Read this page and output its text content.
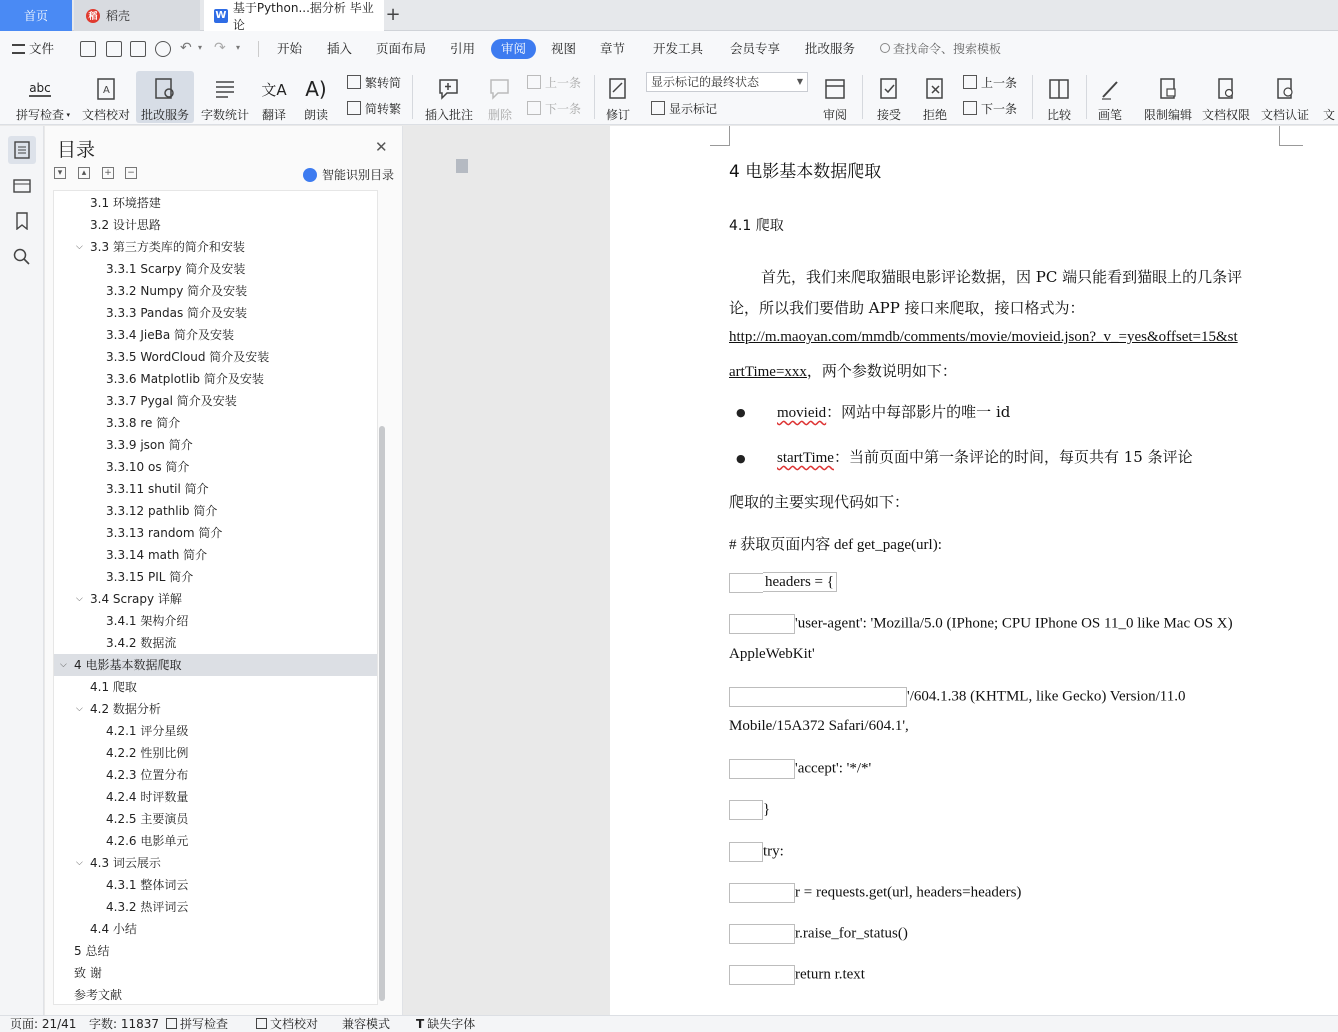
首页	稻 稻壳	W
基于Python...据分析 毕业论	+
文件	↶ ▾ ↷ ▾	开始 插入 页面布局 引用	审阅	视图 章节 开发工具 会员专享 批改服务	查找命令、搜索模板
abc
拼写检查 ▾
A
文档校对 批改服务 字数统计
文A
翻译
A)
朗读
繁转简
简转繁 插入批注 删除
上一条
下一条 修订
显示标记的最终状态	▼
显示标记	审阅 接受 拒绝
上一条
下一条 比较 画笔 限制编辑 文档权限 文档认证 文
目录	✕
▾	▴	+ −	智能识别目录
3.1 环境搭建
3.2 设计思路
⌵ 3.3 第三方类库的简介和安装
3.3.1 Scarpy 简介及安装
3.3.2 Numpy 简介及安装
3.3.3 Pandas 简介及安装
3.3.4 JieBa 简介及安装
3.3.5 WordCloud 简介及安装
3.3.6 Matplotlib 简介及安装
3.3.7 Pygal 简介及安装
3.3.8 re 简介
3.3.9 json 简介
3.3.10 os 简介
3.3.11 shutil 简介
3.3.12 pathlib 简介
3.3.13 random 简介
3.3.14 math 简介
3.3.15 PIL 简介
⌵ 3.4 Scrapy 详解
3.4.1 架构介绍
3.4.2 数据流
⌵ 4 电影基本数据爬取
4.1 爬取
⌵ 4.2 数据分析
4.2.1 评分星级
4.2.2 性别比例
4.2.3 位置分布
4.2.4 时评数量
4.2.5 主要演员
4.2.6 电影单元
⌵ 4.3 词云展示
4.3.1 整体词云
4.3.2 热评词云
4.4 小结
5 总结
致 谢
参考文献
4 电影基本数据爬取
4.1 爬取
首先，我们来爬取猫眼电影评论数据，因 PC 端只能看到猫眼上的几条评
论，所以我们要借助 APP 接口来爬取，接口格式为：
http://m.maoyan.com/mmdb/comments/movie/movieid.json?_v_=yes&offset=15&st
artTime=xxx，两个参数说明如下：
● movieid：网站中每部影片的唯一 id
● startTime：当前页面中第一条评论的时间，每页共有 15 条评论
爬取的主要实现代码如下：
# 获取页面内容 def get_page(url):
headers = {
'user-agent': 'Mozilla/5.0 (IPhone; CPU IPhone OS 11_0 like Mac OS X)
AppleWebKit'
'/604.1.38 (KHTML, like Gecko) Version/11.0
Mobile/15A372 Safari/604.1',
'accept': '*/*'
}
try:
r = requests.get(url, headers=headers)
r.raise_for_status()
return r.text
页面: 21/41 字数: 11837	拼写检查	文档校对 兼容模式 T 缺失字体
